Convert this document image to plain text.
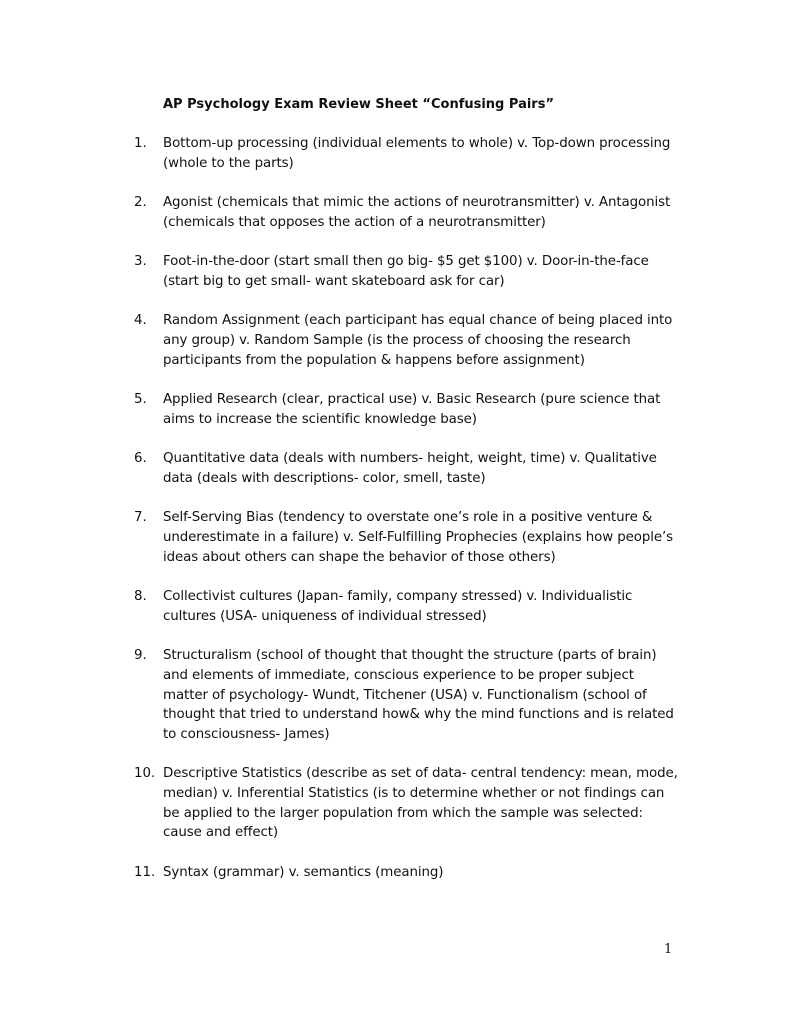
AP Psychology Exam Review Sheet “Confusing Pairs”
1.	Bottom-up processing (individual elements to whole) v. Top-down processing (whole to the parts)
2.	Agonist (chemicals that mimic the actions of neurotransmitter) v. Antagonist (chemicals that opposes the action of a neurotransmitter)
3.	Foot-in-the-door (start small then go big- $5 get $100) v. Door-in-the-face (start big to get small- want skateboard ask for car)
4.	Random Assignment (each participant has equal chance of being placed into any group) v. Random Sample (is the process of choosing the research participants from the population & happens before assignment)
5.	Applied Research (clear, practical use) v. Basic Research (pure science that aims to increase the scientific knowledge base)
6.	Quantitative data (deals with numbers- height, weight, time) v. Qualitative data (deals with descriptions- color, smell, taste)
7.	Self-Serving Bias (tendency to overstate one’s role in a positive venture & underestimate in a failure) v. Self-Fulfilling Prophecies (explains how people’s ideas about others can shape the behavior of those others)
8.	Collectivist cultures (Japan- family, company stressed) v. Individualistic cultures (USA- uniqueness of individual stressed)
9.	Structuralism (school of thought that thought the structure (parts of brain) and elements of immediate, conscious experience to be proper subject matter of psychology- Wundt, Titchener (USA) v. Functionalism (school of thought that tried to understand how& why the mind functions and is related to consciousness- James)
10. Descriptive Statistics (describe as set of data- central tendency: mean, mode, median) v. Inferential Statistics (is to determine whether or not findings can be applied to the larger population from which the sample was selected: cause and effect)
11. Syntax (grammar) v. semantics (meaning)
1
